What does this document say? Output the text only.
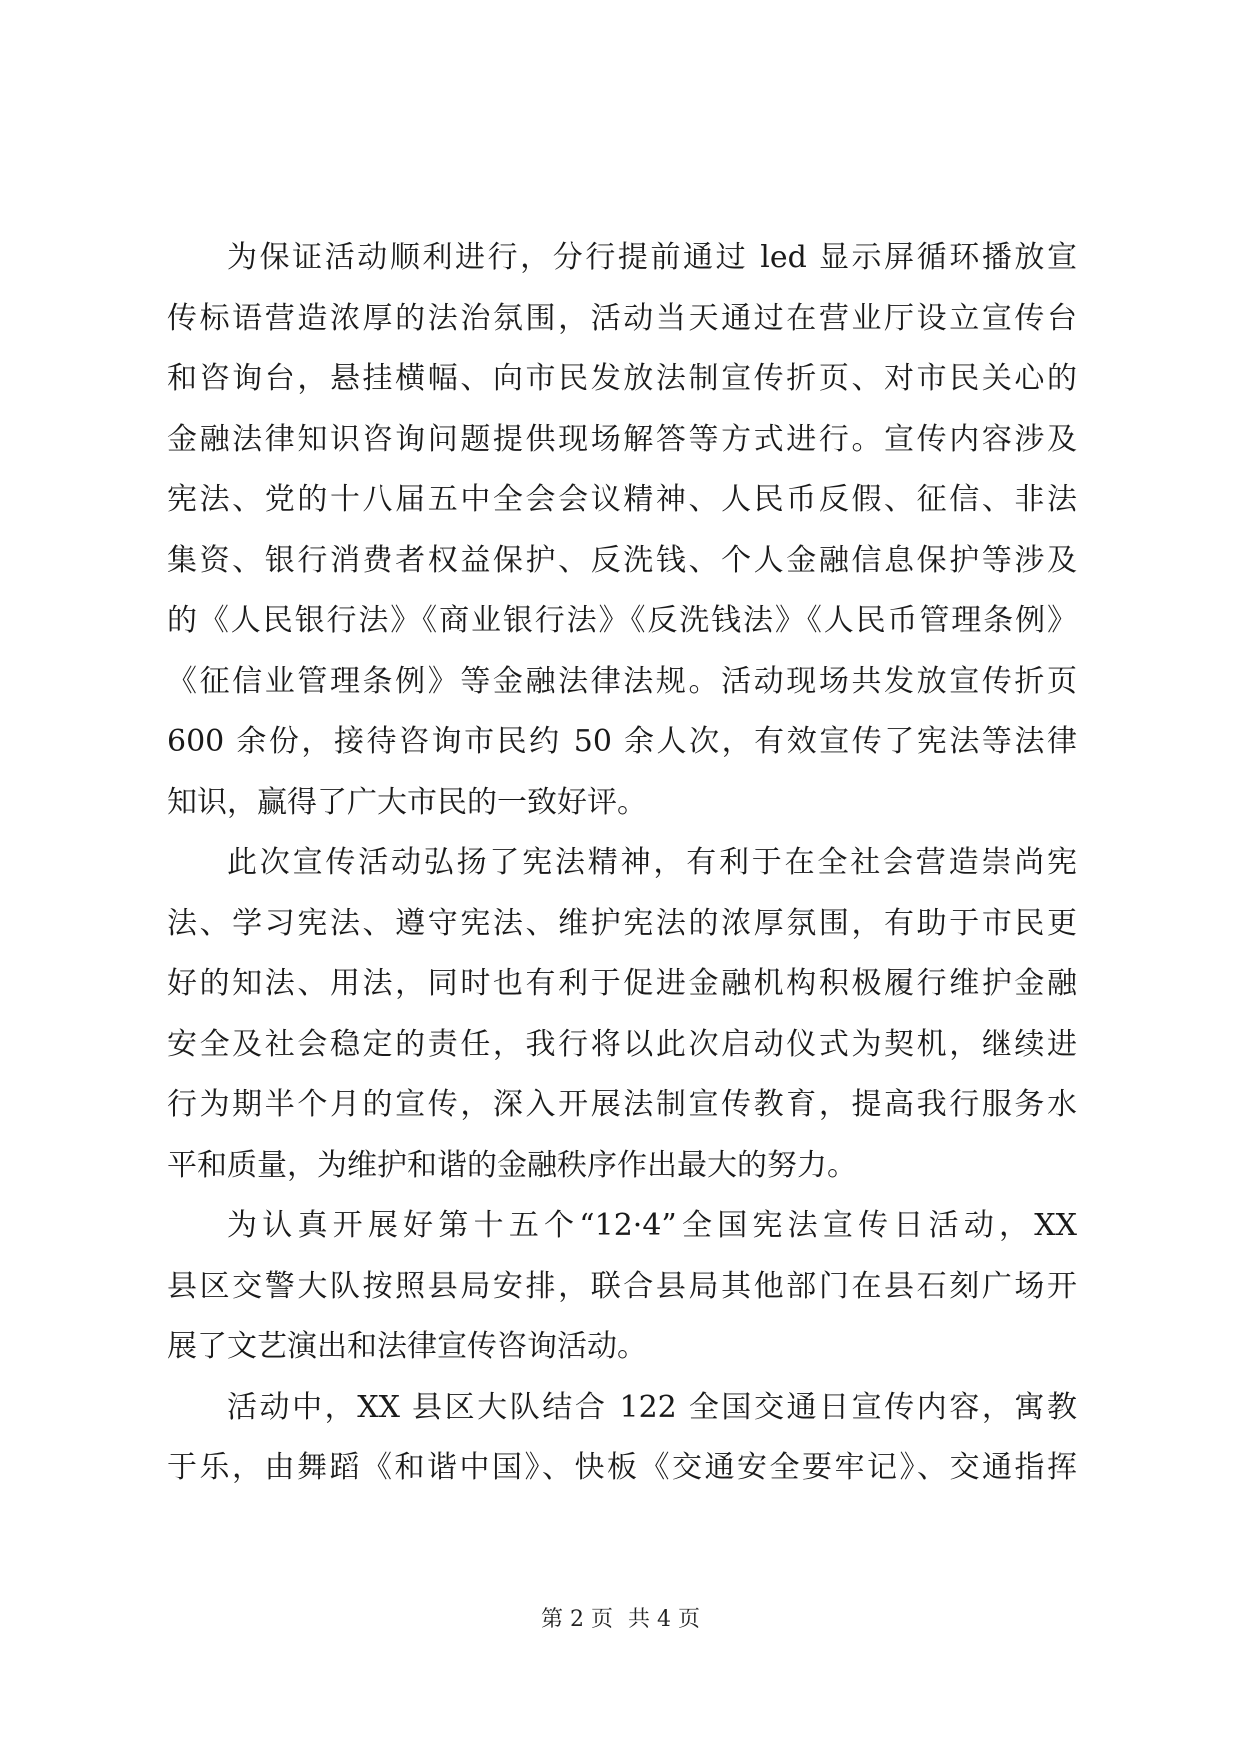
为保证活动顺利进行，分行提前通过 led 显示屏循环播放宣
传标语营造浓厚的法治氛围，活动当天通过在营业厅设立宣传台
和咨询台，悬挂横幅、向市民发放法制宣传折页、对市民关心的
金融法律知识咨询问题提供现场解答等方式进行。宣传内容涉及
宪法、党的十八届五中全会会议精神、人民币反假、征信、非法
集资、银行消费者权益保护、反洗钱、个人金融信息保护等涉及
的《人民银行法》《商业银行法》《反洗钱法》《人民币管理条例》
《征信业管理条例》等金融法律法规。活动现场共发放宣传折页
600 余份，接待咨询市民约 50 余人次，有效宣传了宪法等法律
知识，赢得了广大市民的一致好评。
此次宣传活动弘扬了宪法精神，有利于在全社会营造崇尚宪
法、学习宪法、遵守宪法、维护宪法的浓厚氛围，有助于市民更
好的知法、用法，同时也有利于促进金融机构积极履行维护金融
安全及社会稳定的责任，我行将以此次启动仪式为契机，继续进
行为期半个月的宣传，深入开展法制宣传教育，提高我行服务水
平和质量，为维护和谐的金融秩序作出最大的努力。
为认真开展好第十五个“12·4”全国宪法宣传日活动，XX
县区交警大队按照县局安排，联合县局其他部门在县石刻广场开
展了文艺演出和法律宣传咨询活动。
活动中，XX 县区大队结合 122 全国交通日宣传内容，寓教
于乐，由舞蹈《和谐中国》、快板《交通安全要牢记》、交通指挥
第 2 页 共 4 页
